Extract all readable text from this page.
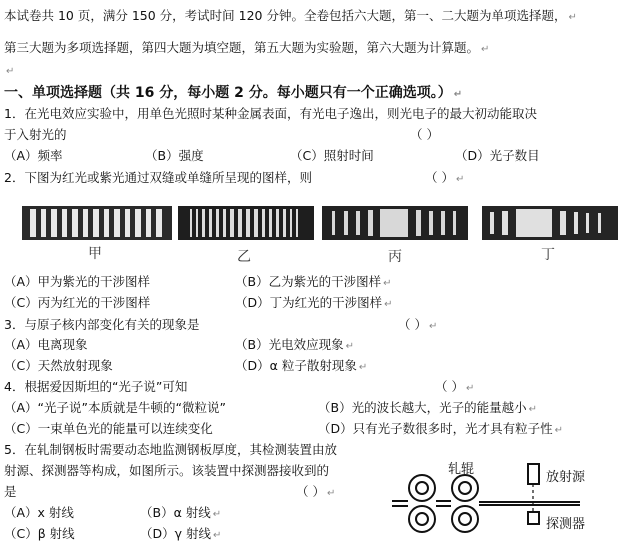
本试卷共 10 页，满分 150 分，考试时间 120 分钟。全卷包括六大题，第一、二大题为单项选择题， ↵
第三大题为多项选择题，第四大题为填空题，第五大题为实验题，第六大题为计算题。 ↵
↵
一、单项选择题（共 16 分，每小题 2 分。每小题只有一个正确选项。） ↵
1．在光电效应实验中，用单色光照时某种金属表面，有光电子逸出，则光电子的最大初动能取决
于入射光的	（ ）
（A）频率	（B）强度	（C）照射时间	（D）光子数目
2．下图为红光或紫光通过双缝或单缝所呈现的图样，则	（ ） ↵
甲	乙	丙	丁
（A）甲为紫光的干涉图样	（B）乙为紫光的干涉图样 ↵
（C）丙为红光的干涉图样	（D）丁为红光的干涉图样 ↵
3．与原子核内部变化有关的现象是	（ ） ↵
（A）电离现象	（B）光电效应现象 ↵
（C）天然放射现象	（D）α 粒子散射现象 ↵
4．根据爱因斯坦的“光子说”可知	（ ） ↵
（A）“光子说”本质就是牛顿的“微粒说”	（B）光的波长越大，光子的能量越小 ↵
（C）一束单色光的能量可以连续变化	（D）只有光子数很多时，光才具有粒子性 ↵
5．在轧制钢板时需要动态地监测钢板厚度，其检测装置由放
射源、探测器等构成，如图所示。该装置中探测器接收到的
是	（ ） ↵
（A）x 射线	（B）α 射线 ↵
（C）β 射线	（D）γ 射线 ↵
轧辊
放射源
探测器
